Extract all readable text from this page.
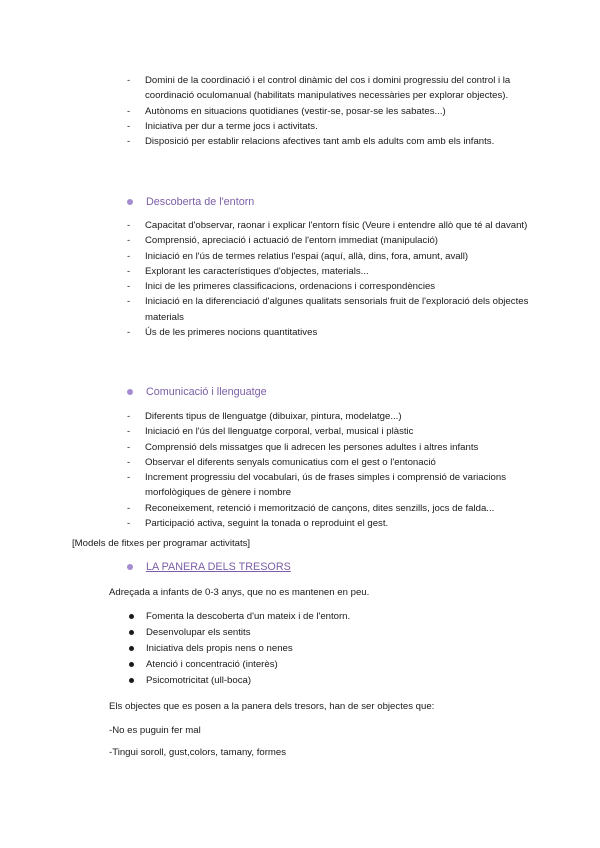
- Domini de la coordinació i el control dinàmic del cos i domini progressiu del control i la coordinació oculomanual (habilitats manipulatives necessàries per explorar objectes).
- Autònoms en situacions quotidianes (vestir-se, posar-se les sabates...)
- Iniciativa per dur a terme jocs i activitats.
- Disposició per establir relacions afectives tant amb els adults com amb els infants.
Descoberta de l'entorn
- Capacitat d'observar, raonar i explicar l'entorn físic (Veure i entendre allò que té al davant)
- Comprensió, apreciació i actuació de l'entorn immediat (manipulació)
- Iniciació en l'ús de termes relatius l'espai (aquí, allà, dins, fora, amunt, avall)
- Explorant les característiques d'objectes, materials...
- Inici de les primeres classificacions, ordenacions i correspondències
- Iniciació en la diferenciació d'algunes qualitats sensorials fruit de l'exploració dels objectes materials
- Ús de les primeres nocions quantitatives
Comunicació i llenguatge
- Diferents tipus de llenguatge (dibuixar, pintura, modelatge...)
- Iniciació en l'ús del llenguatge corporal, verbal, musical i plàstic
- Comprensió dels missatges que li adrecen les persones adultes i altres infants
- Observar el diferents senyals comunicatius com el gest o l'entonació
- Increment progressiu del vocabulari, ús de frases simples i comprensió de variacions morfològiques de gènere i nombre
- Reconeixement, retenció i memorització de cançons, dites senzills, jocs de falda...
- Participació activa, seguint la tonada o reproduint el gest.
[Models de fitxes per programar activitats]
LA PANERA DELS TRESORS
Adreçada a infants de 0-3 anys, que no es mantenen en peu.
Fomenta la descoberta d'un mateix i de l'entorn.
Desenvolupar els sentits
Iniciativa dels propis nens o nenes
Atenció i concentració (interès)
Psicomotricitat (ull-boca)
Els objectes que es posen a la panera dels tresors, han de ser objectes que:
-No es puguin fer mal
-Tingui soroll, gust,colors, tamany, formes
